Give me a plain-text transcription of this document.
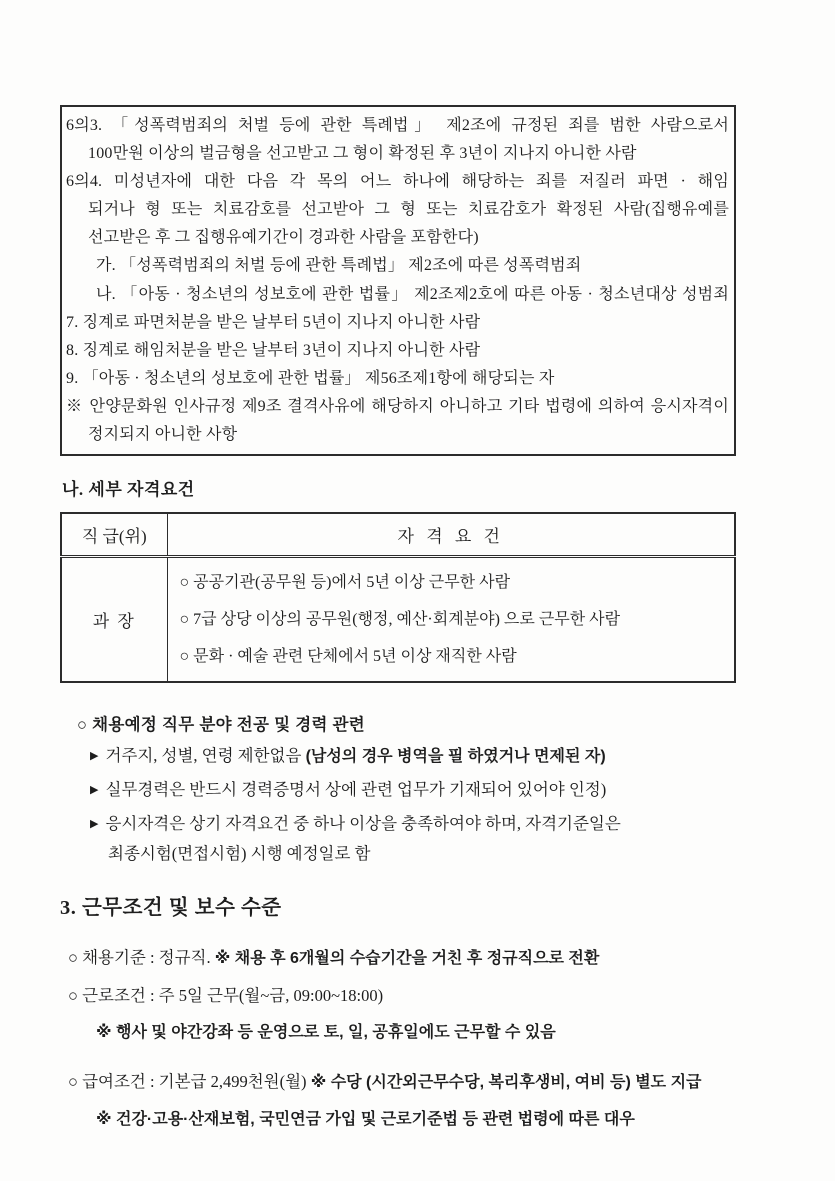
6의3. 「성폭력범죄의 처벌 등에 관한 특례법」 제2조에 규정된 죄를 범한 사람으로서
100만원 이상의 벌금형을 선고받고 그 형이 확정된 후 3년이 지나지 아니한 사람
6의4. 미성년자에 대한 다음 각 목의 어느 하나에 해당하는 죄를 저질러 파면 · 해임
되거나 형 또는 치료감호를 선고받아 그 형 또는 치료감호가 확정된 사람(집행유예를
선고받은 후 그 집행유예기간이 경과한 사람을 포함한다)
가. 「성폭력범죄의 처벌 등에 관한 특례법」 제2조에 따른 성폭력범죄
나. 「아동 · 청소년의 성보호에 관한 법률」 제2조제2호에 따른 아동 · 청소년대상 성범죄
7. 징계로 파면처분을 받은 날부터 5년이 지나지 아니한 사람
8. 징계로 해임처분을 받은 날부터 3년이 지나지 아니한 사람
9. 「아동 · 청소년의 성보호에 관한 법률」 제56조제1항에 해당되는 자
※ 안양문화원 인사규정 제9조 결격사유에 해당하지 아니하고 기타 법령에 의하여 응시자격이
정지되지 아니한 사항
나. 세부 자격요건
직 급(위)	자 격 요 건
과 장	○ 공공기관(공무원 등)에서 5년 이상 근무한 사람
○ 7급 상당 이상의 공무원(행정, 예산·회계분야) 으로 근무한 사람
○ 문화 · 예술 관련 단체에서 5년 이상 재직한 사람
○ 채용예정 직무 분야 전공 및 경력 관련
▶ 거주지, 성별, 연령 제한없음 (남성의 경우 병역을 필 하였거나 면제된 자)
▶ 실무경력은 반드시 경력증명서 상에 관련 업무가 기재되어 있어야 인정)
▶ 응시자격은 상기 자격요건 중 하나 이상을 충족하여야 하며, 자격기준일은
최종시험(면접시험) 시행 예정일로 함
3. 근무조건 및 보수 수준
○ 채용기준 : 정규직. ※ 채용 후 6개월의 수습기간을 거친 후 정규직으로 전환
○ 근로조건 : 주 5일 근무(월~금, 09:00~18:00)
※ 행사 및 야간강좌 등 운영으로 토, 일, 공휴일에도 근무할 수 있음
○ 급여조건 : 기본급 2,499천원(월) ※ 수당 (시간외근무수당, 복리후생비, 여비 등) 별도 지급
※ 건강·고용·산재보험, 국민연금 가입 및 근로기준법 등 관련 법령에 따른 대우
